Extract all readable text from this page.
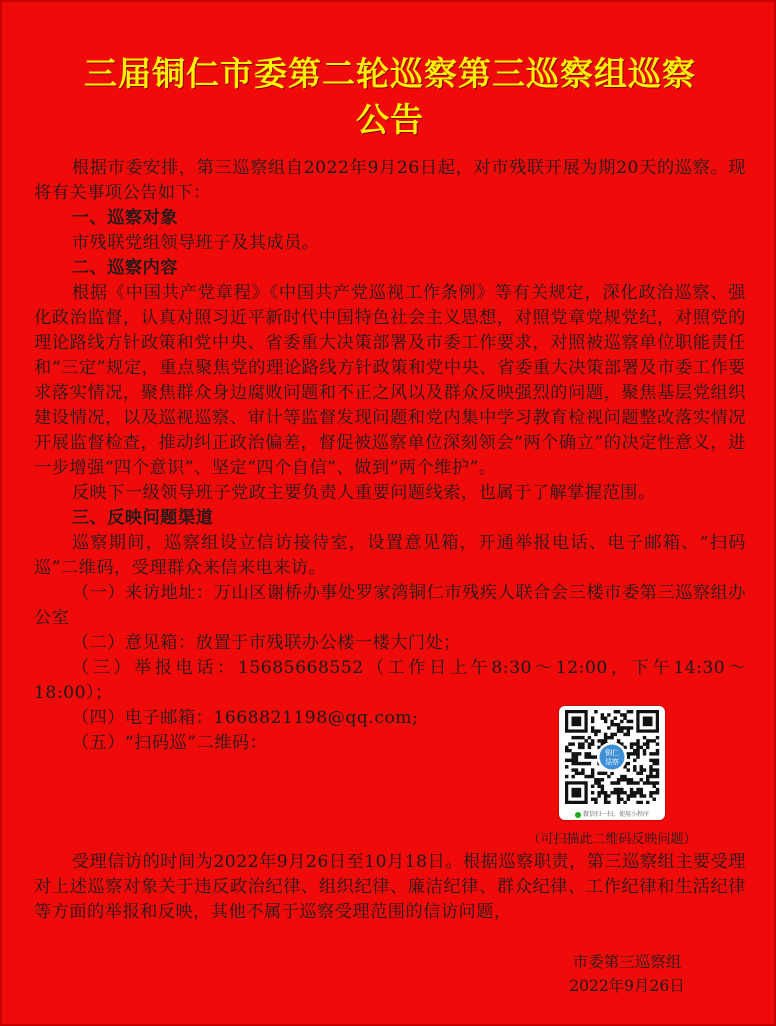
三届铜仁市委第二轮巡察第三巡察组巡察
公告

根据市委安排，第三巡察组自2022年9月26日起，对市残联开展为期20天的巡察。现将有关事项公告如下：

一、巡察对象

市残联党组领导班子及其成员。

二、巡察内容

根据《中国共产党章程》《中国共产党巡视工作条例》等有关规定，深化政治巡察、强化政治监督，认真对照习近平新时代中国特色社会主义思想，对照党章党规党纪，对照党的理论路线方针政策和党中央、省委重大决策部署及市委工作要求，对照被巡察单位职能责任和“三定”规定，重点聚焦党的理论路线方针政策和党中央、省委重大决策部署及市委工作要求落实情况，聚焦群众身边腐败问题和不正之风以及群众反映强烈的问题，聚焦基层党组织建设情况，以及巡视巡察、审计等监督发现问题和党内集中学习教育检视问题整改落实情况开展监督检查，推动纠正政治偏差，督促被巡察单位深刻领会“两个确立”的决定性意义，进一步增强“四个意识”、坚定“四个自信”、做到“两个维护”。

反映下一级领导班子党政主要负责人重要问题线索，也属于了解掌握范围。

三、反映问题渠道

巡察期间，巡察组设立信访接待室，设置意见箱，开通举报电话、电子邮箱、“扫码巡”二维码，受理群众来信来电来访。

（一）来访地址：万山区谢桥办事处罗家湾铜仁市残疾人联合会三楼市委第三巡察组办公室

（二）意见箱：放置于市残联办公楼一楼大门处；

（三）举报电话：15685668552（工作日上午8:30～12:00，下午14:30～18:00）；

（四）电子邮箱：1668821198@qq.com;

（五）“扫码巡”二维码：	铜仁
巡察
微信扫一扫，使用小程序
（可扫描此二维码反映问题）

受理信访的时间为2022年9月26日至10月18日。根据巡察职责，第三巡察组主要受理对上述巡察对象关于违反政治纪律、组织纪律、廉洁纪律、群众纪律、工作纪律和生活纪律等方面的举报和反映，其他不属于巡察受理范围的信访问题，

市委第三巡察组
2022年9月26日
